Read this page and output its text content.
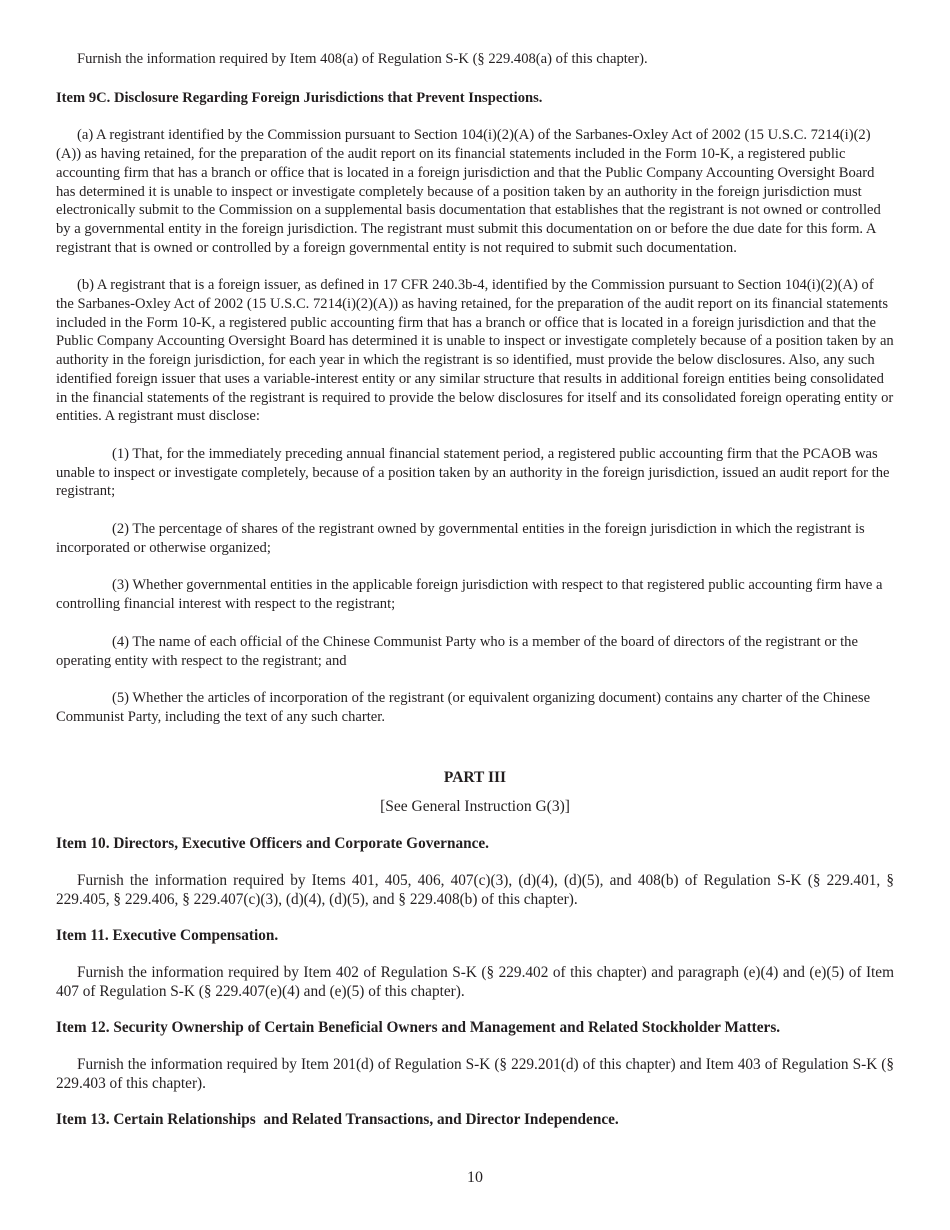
Furnish the information required by Item 408(a) of Regulation S-K (§ 229.408(a) of this chapter).

Item 9C. Disclosure Regarding Foreign Jurisdictions that Prevent Inspections.

(a) A registrant identified by the Commission pursuant to Section 104(i)(2)(A) of the Sarbanes-Oxley Act of 2002 (15 U.S.C. 7214(i)(2)(A)) as having retained, for the preparation of the audit report on its financial statements included in the Form 10-K, a registered public accounting firm that has a branch or office that is located in a foreign jurisdiction and that the Public Company Accounting Oversight Board has determined it is unable to inspect or investigate completely because of a position taken by an authority in the foreign jurisdiction must electronically submit to the Commission on a supplemental basis documentation that establishes that the registrant is not owned or controlled by a governmental entity in the foreign jurisdiction. The registrant must submit this documentation on or before the due date for this form. A registrant that is owned or controlled by a foreign governmental entity is not required to submit such documentation.

(b) A registrant that is a foreign issuer, as defined in 17 CFR 240.3b-4, identified by the Commission pursuant to Section 104(i)(2)(A) of the Sarbanes-Oxley Act of 2002 (15 U.S.C. 7214(i)(2)(A)) as having retained, for the preparation of the audit report on its financial statements included in the Form 10-K, a registered public accounting firm that has a branch or office that is located in a foreign jurisdiction and that the Public Company Accounting Oversight Board has determined it is unable to inspect or investigate completely because of a position taken by an authority in the foreign jurisdiction, for each year in which the registrant is so identified, must provide the below disclosures. Also, any such identified foreign issuer that uses a variable-interest entity or any similar structure that results in additional foreign entities being consolidated in the financial statements of the registrant is required to provide the below disclosures for itself and its consolidated foreign operating entity or entities. A registrant must disclose:

(1) That, for the immediately preceding annual financial statement period, a registered public accounting firm that the PCAOB was unable to inspect or investigate completely, because of a position taken by an authority in the foreign jurisdiction, issued an audit report for the registrant;

(2) The percentage of shares of the registrant owned by governmental entities in the foreign jurisdiction in which the registrant is incorporated or otherwise organized;

(3) Whether governmental entities in the applicable foreign jurisdiction with respect to that registered public accounting firm have a controlling financial interest with respect to the registrant;

(4) The name of each official of the Chinese Communist Party who is a member of the board of directors of the registrant or the operating entity with respect to the registrant; and

(5) Whether the articles of incorporation of the registrant (or equivalent organizing document) contains any charter of the Chinese Communist Party, including the text of any such charter.

PART III

[See General Instruction G(3)]

Item 10. Directors, Executive Officers and Corporate Governance.

Furnish the information required by Items 401, 405, 406, 407(c)(3), (d)(4), (d)(5), and 408(b) of Regulation S-K (§ 229.401, § 229.405, § 229.406, § 229.407(c)(3), (d)(4), (d)(5), and § 229.408(b) of this chapter).

Item 11. Executive Compensation.

Furnish the information required by Item 402 of Regulation S-K (§ 229.402 of this chapter) and paragraph (e)(4) and (e)(5) of Item 407 of Regulation S-K (§ 229.407(e)(4) and (e)(5) of this chapter).

Item 12. Security Ownership of Certain Beneficial Owners and Management and Related Stockholder Matters.

Furnish the information required by Item 201(d) of Regulation S-K (§ 229.201(d) of this chapter) and Item 403 of Regulation S-K (§ 229.403 of this chapter).

Item 13. Certain Relationships  and Related Transactions, and Director Independence.

10
